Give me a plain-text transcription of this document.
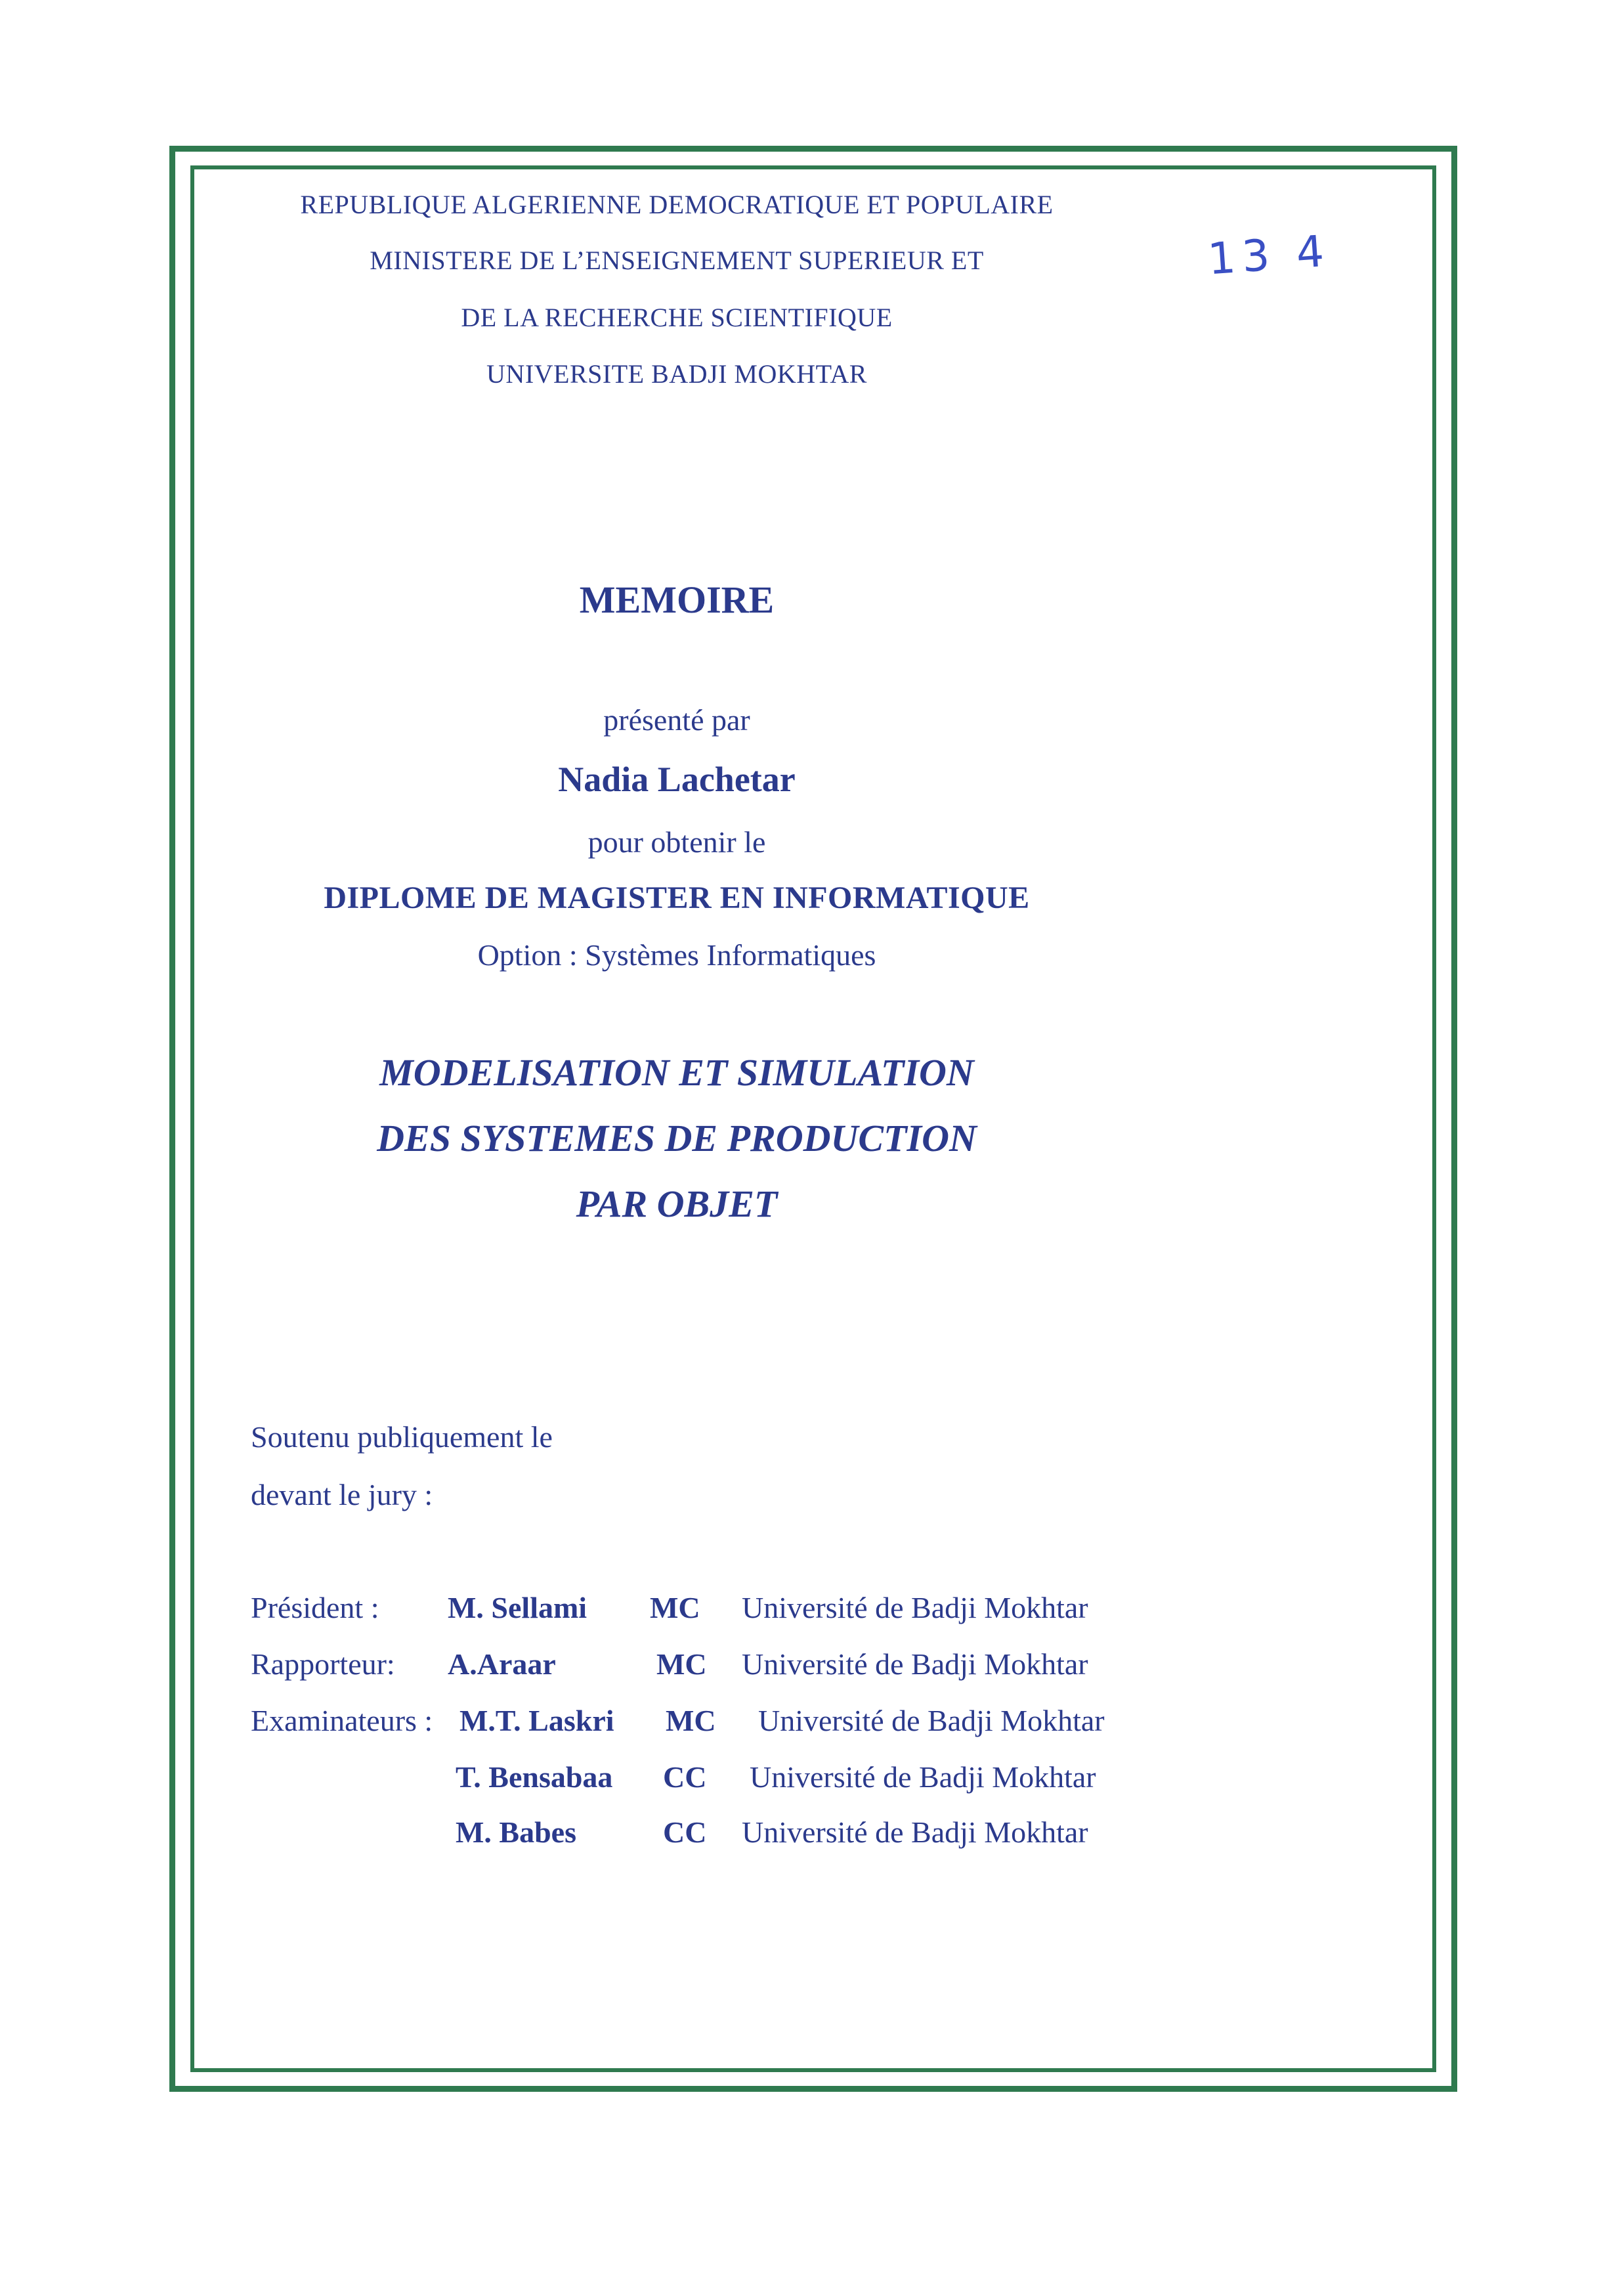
13 4
REPUBLIQUE ALGERIENNE DEMOCRATIQUE ET POPULAIRE
MINISTERE DE L’ENSEIGNEMENT SUPERIEUR ET
DE LA RECHERCHE SCIENTIFIQUE
UNIVERSITE BADJI MOKHTAR
MEMOIRE
présenté par
Nadia Lachetar
pour obtenir le
DIPLOME DE MAGISTER EN INFORMATIQUE
Option : Systèmes Informatiques
MODELISATION ET SIMULATION
DES SYSTEMES DE PRODUCTION
PAR OBJET
Soutenu publiquement le
devant le jury :
Président : M. Sellami MC Université de Badji Mokhtar
Rapporteur: A.Araar	MC Université de Badji Mokhtar
Examinateurs : M.T. Laskri MC Université de Badji Mokhtar
T. Bensabaa CC Université de Badji Mokhtar
M. Babes	CC Université de Badji Mokhtar
